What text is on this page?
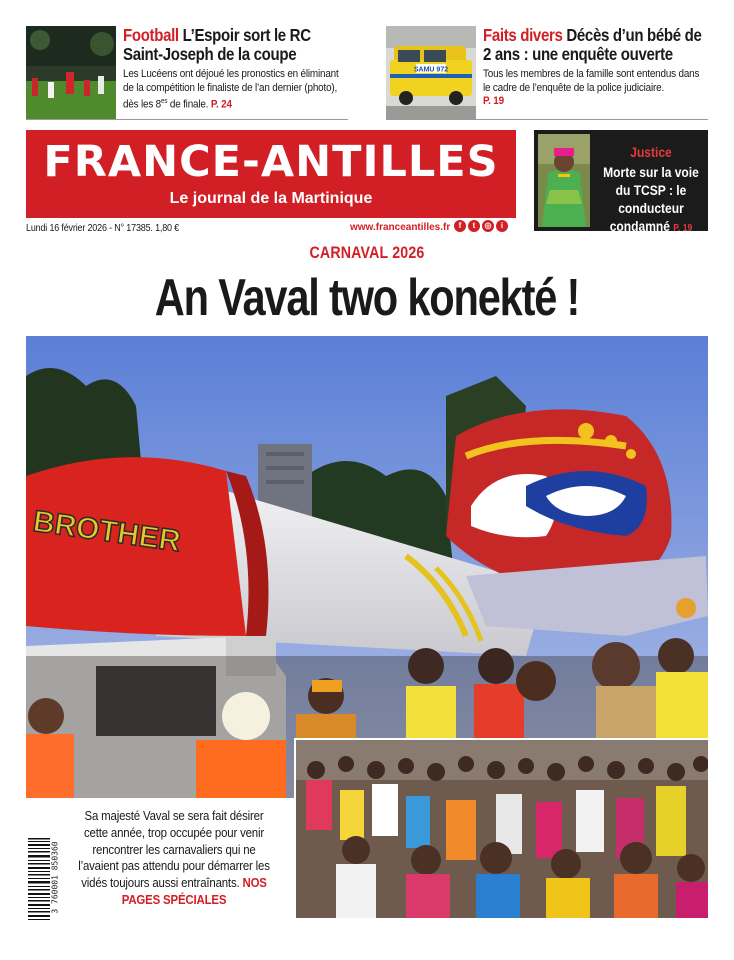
Football L’Espoir sort le RC Saint-Joseph de la coupe
Les Lucéens ont déjoué les pronostics en éliminant de la compétition le finaliste de l’an dernier (photo), dès les $8^{es}$ de finale. P. 24
SAMU 972
Faits divers Décès d’un bébé de 2 ans : une enquête ouverte
Tous les membres de la famille sont entendus dans le cadre de l’enquête de la police judiciaire.
P. 19
FRANCE-ANTILLES
Le journal de la Martinique
Lundi 16 février 2026 - N° 17385. 1,80 €	www.franceantilles.fr	f	t	◎	i
Justice
Morte sur la voie du TCSP : le conducteur condamné P. 19
CARNAVAL 2026
An Vaval two konekté !
BROTHER
Sa majesté Vaval se sera fait désirer cette année, trop occupée pour venir rencontrer les carnavaliers qui ne l’avaient pas attendu pour démarrer les vidés toujours aussi entraînants. NOS PAGES SPÉCIALES
3 760001 850360
